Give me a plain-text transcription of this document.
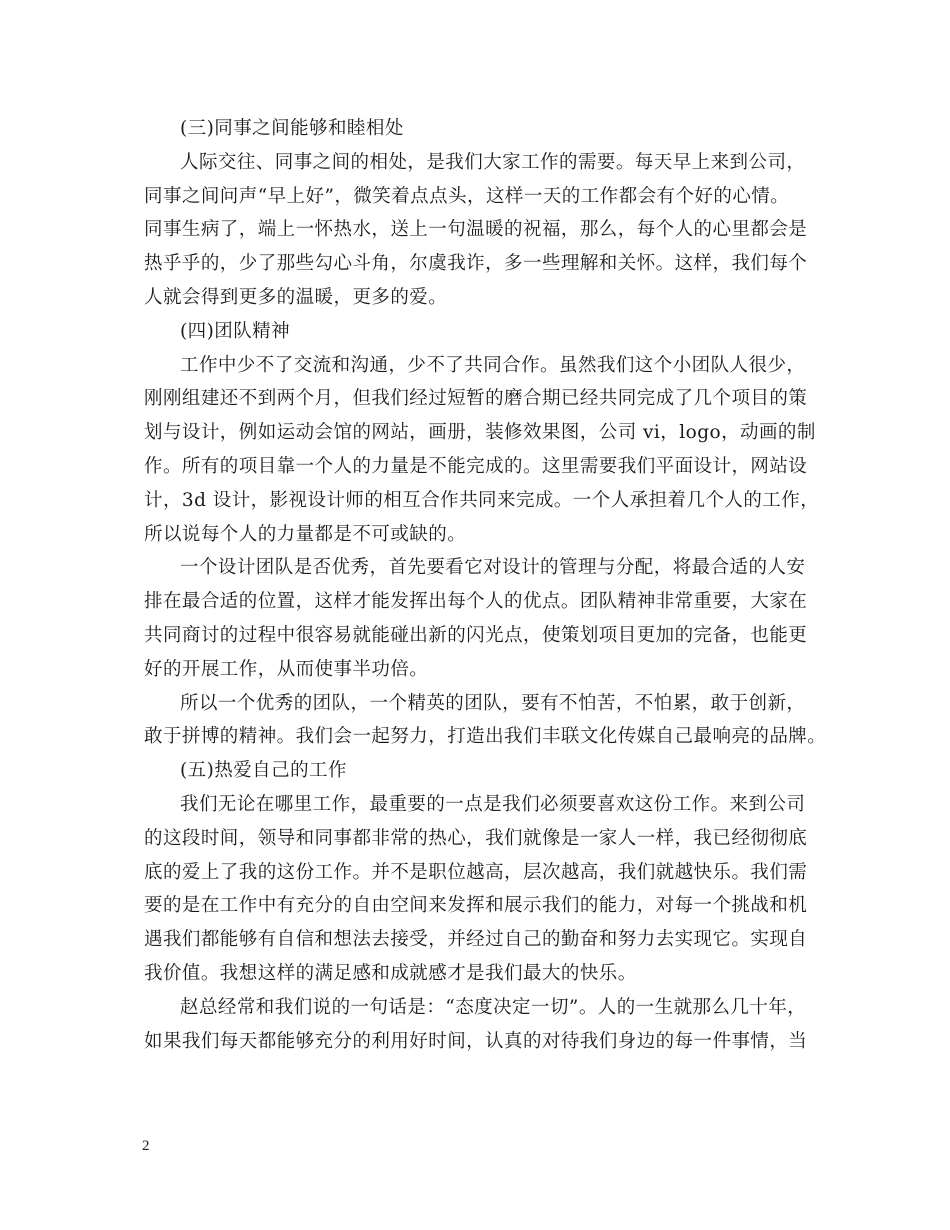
(三)同事之间能够和睦相处
人际交往、同事之间的相处，是我们大家工作的需要。每天早上来到公司，
同事之间问声“早上好”，微笑着点点头，这样一天的工作都会有个好的心情。
同事生病了，端上一怀热水，送上一句温暖的祝福，那么，每个人的心里都会是
热乎乎的，少了那些勾心斗角，尔虞我诈，多一些理解和关怀。这样，我们每个
人就会得到更多的温暖，更多的爱。
(四)团队精神
工作中少不了交流和沟通，少不了共同合作。虽然我们这个小团队人很少，
刚刚组建还不到两个月，但我们经过短暂的磨合期已经共同完成了几个项目的策
划与设计，例如运动会馆的网站，画册，装修效果图，公司 vi，logo，动画的制
作。所有的项目靠一个人的力量是不能完成的。这里需要我们平面设计，网站设
计，3d 设计，影视设计师的相互合作共同来完成。一个人承担着几个人的工作，
所以说每个人的力量都是不可或缺的。
一个设计团队是否优秀，首先要看它对设计的管理与分配，将最合适的人安
排在最合适的位置，这样才能发挥出每个人的优点。团队精神非常重要，大家在
共同商讨的过程中很容易就能碰出新的闪光点，使策划项目更加的完备，也能更
好的开展工作，从而使事半功倍。
所以一个优秀的团队，一个精英的团队，要有不怕苦，不怕累，敢于创新，
敢于拼博的精神。我们会一起努力，打造出我们丰联文化传媒自己最响亮的品牌。
(五)热爱自己的工作
我们无论在哪里工作，最重要的一点是我们必须要喜欢这份工作。来到公司
的这段时间，领导和同事都非常的热心，我们就像是一家人一样，我已经彻彻底
底的爱上了我的这份工作。并不是职位越高，层次越高，我们就越快乐。我们需
要的是在工作中有充分的自由空间来发挥和展示我们的能力，对每一个挑战和机
遇我们都能够有自信和想法去接受，并经过自己的勤奋和努力去实现它。实现自
我价值。我想这样的满足感和成就感才是我们最大的快乐。
赵总经常和我们说的一句话是：“态度决定一切”。人的一生就那么几十年，
如果我们每天都能够充分的利用好时间，认真的对待我们身边的每一件事情，当
2
